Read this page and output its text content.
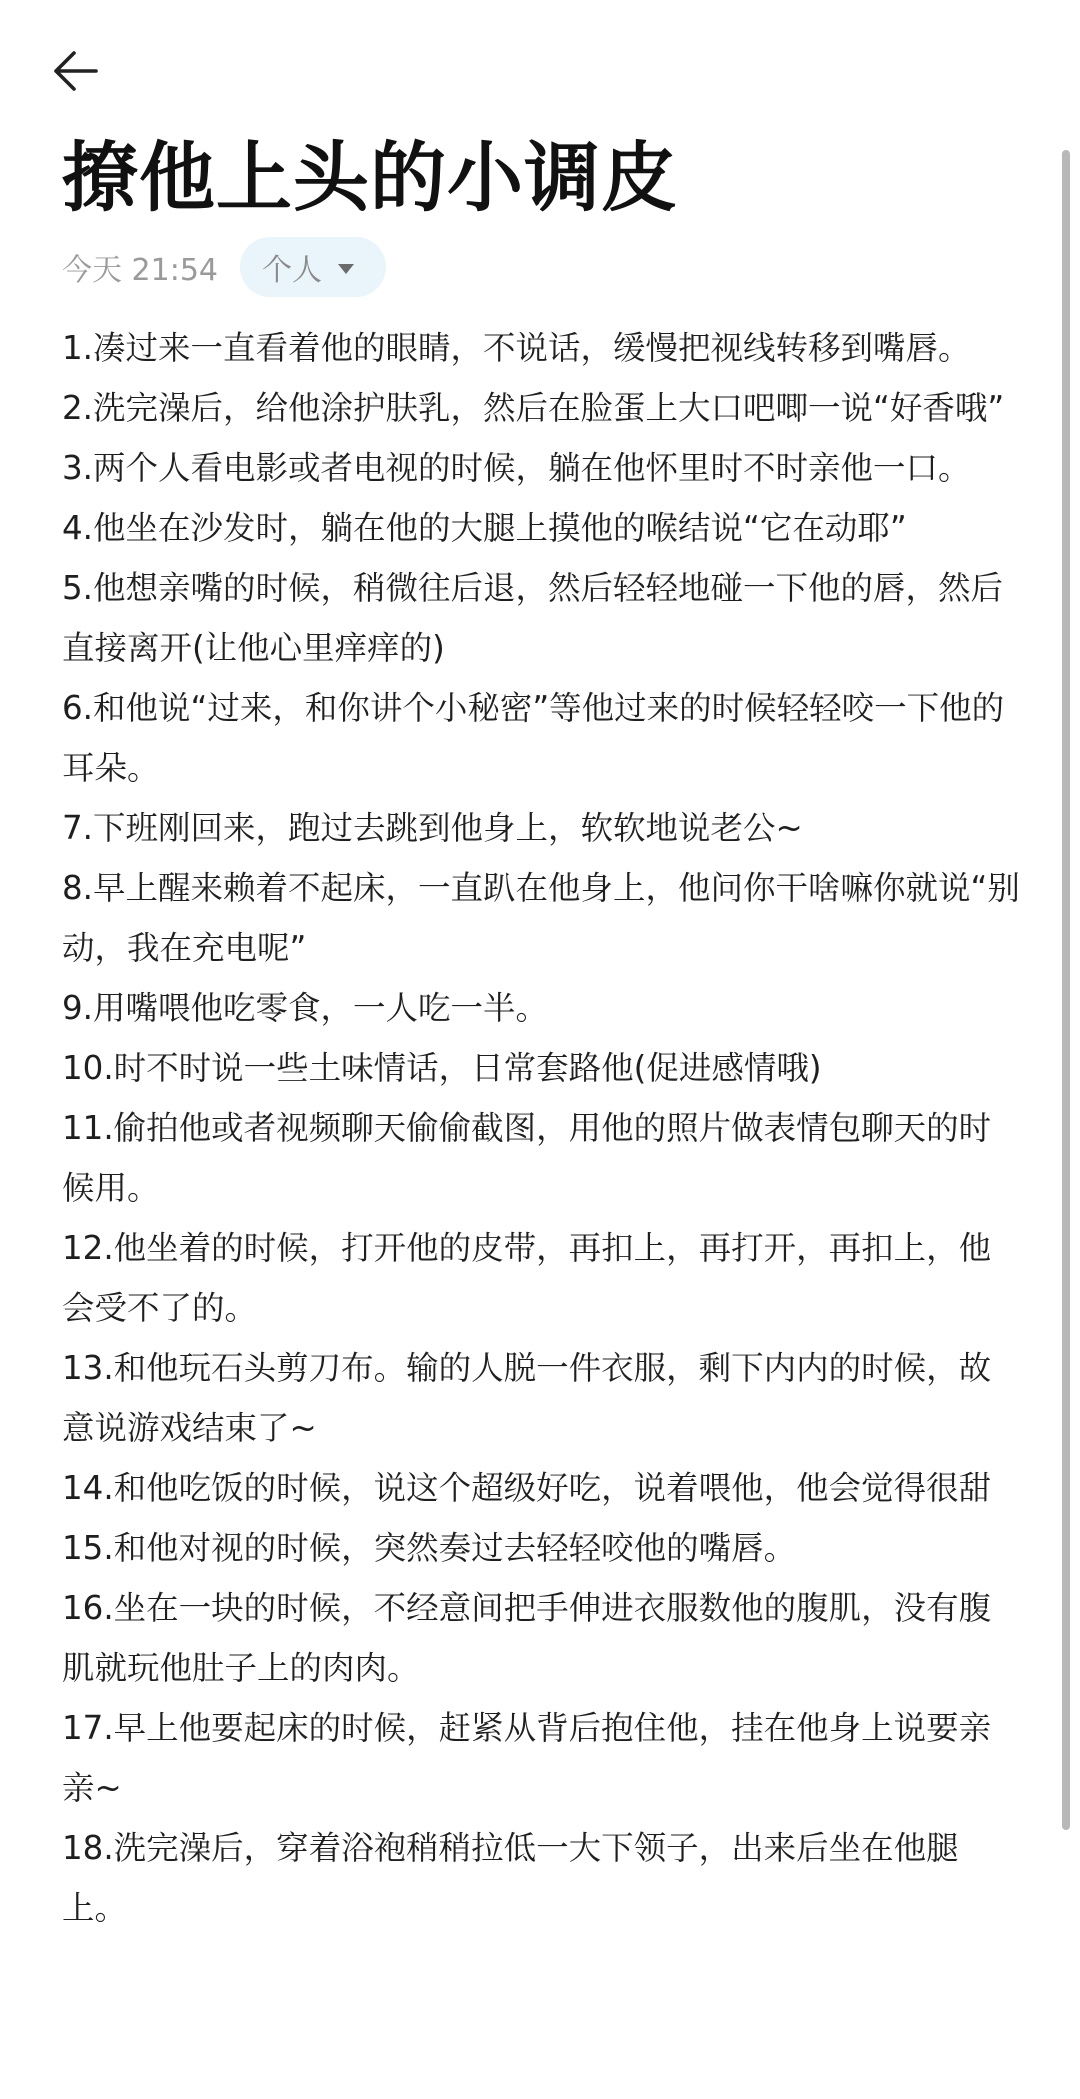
撩他上头的小调皮
今天 21:54 个人

1.凑过来一直看着他的眼睛，不说话，缓慢把视线转移到嘴唇。

2.洗完澡后，给他涂护肤乳，然后在脸蛋上大口吧唧一说“好香哦”

3.两个人看电影或者电视的时候，躺在他怀里时不时亲他一口。

4.他坐在沙发时，躺在他的大腿上摸他的喉结说“它在动耶”

5.他想亲嘴的时候，稍微往后退，然后轻轻地碰一下他的唇，然后直接离开(让他心里痒痒的)

6.和他说“过来，和你讲个小秘密”等他过来的时候轻轻咬一下他的耳朵。

7.下班刚回来，跑过去跳到他身上，软软地说老公~

8.早上醒来赖着不起床，一直趴在他身上，他问你干啥嘛你就说“别动，我在充电呢”

9.用嘴喂他吃零食，一人吃一半。

10.时不时说一些土味情话，日常套路他(促进感情哦)

11.偷拍他或者视频聊天偷偷截图，用他的照片做表情包聊天的时候用。

12.他坐着的时候，打开他的皮带，再扣上，再打开，再扣上，他会受不了的。

13.和他玩石头剪刀布。输的人脱一件衣服，剩下内内的时候，故意说游戏结束了~

14.和他吃饭的时候，说这个超级好吃，说着喂他，他会觉得很甜

15.和他对视的时候，突然奏过去轻轻咬他的嘴唇。

16.坐在一块的时候，不经意间把手伸进衣服数他的腹肌，没有腹肌就玩他肚子上的肉肉。

17.早上他要起床的时候，赶紧从背后抱住他，挂在他身上说要亲亲~

18.洗完澡后，穿着浴袍稍稍拉低一大下领子，出来后坐在他腿上。
